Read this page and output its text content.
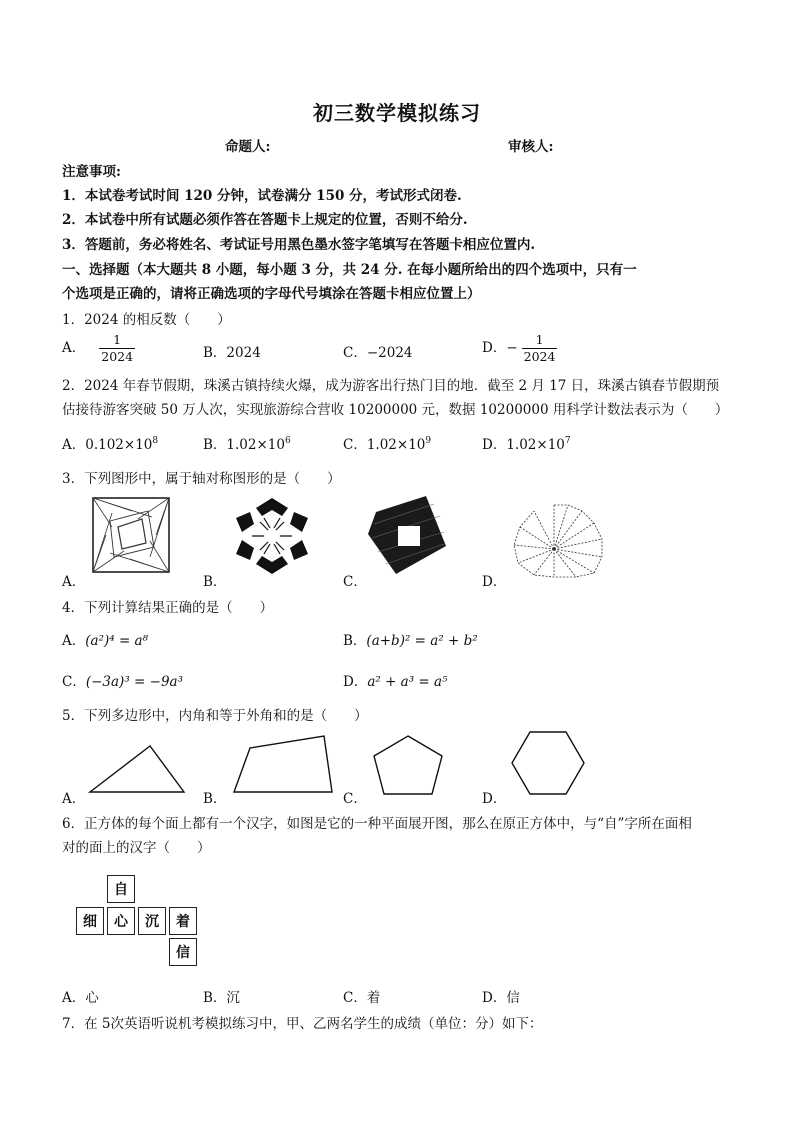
初三数学模拟练习
命题人:	审核人:
注意事项:
1．本试卷考试时间 120 分钟，试卷满分 150 分，考试形式闭卷.
2．本试卷中所有试题必须作答在答题卡上规定的位置，否则不给分.
3．答题前，务必将姓名、考试证号用黑色墨水签字笔填写在答题卡相应位置内.
一、选择题（本大题共 8 小题，每小题 3 分，共 24 分. 在每小题所给出的四个选项中，只有一
个选项是正确的，请将正确选项的字母代号填涂在答题卡相应位置上）
1．2024 的相反数（　　）
A． $\frac{1}{2024}$	B．2024	C．−2024	D．− $\frac{1}{2024}$
2．2024 年春节假期，珠溪古镇持续火爆，成为游客出行热门目的地．截至 2 月 17 日，珠溪古镇春节假期预
估接待游客突破 50 万人次，实现旅游综合营收 10200000 元，数据 10200000 用科学计数法表示为（　　）
A．$0.102\times 10^8$	B．$1.02\times 10^6$	C．$1.02\times 10^9$	D．$1.02\times 10^7$
3．下列图形中，属于轴对称图形的是（　　）
A．	B．	C．	D．
4．下列计算结果正确的是（　　）
A．(a²)⁴ = a⁸	B．(a+b)² = a² + b²
C．(−3a)³ = −9a³	D．a² + a³ = a⁵
5．下列多边形中，内角和等于外角和的是（　　）
A．	B．	C．	D．
6．正方体的每个面上都有一个汉字，如图是它的一种平面展开图，那么在原正方体中，与“自”字所在面相
对的面上的汉字（　　）
自
细	心	沉	着
信
A．心	B．沉	C．着	D．信
7．在 5次英语听说机考模拟练习中，甲、乙两名学生的成绩（单位：分）如下：
